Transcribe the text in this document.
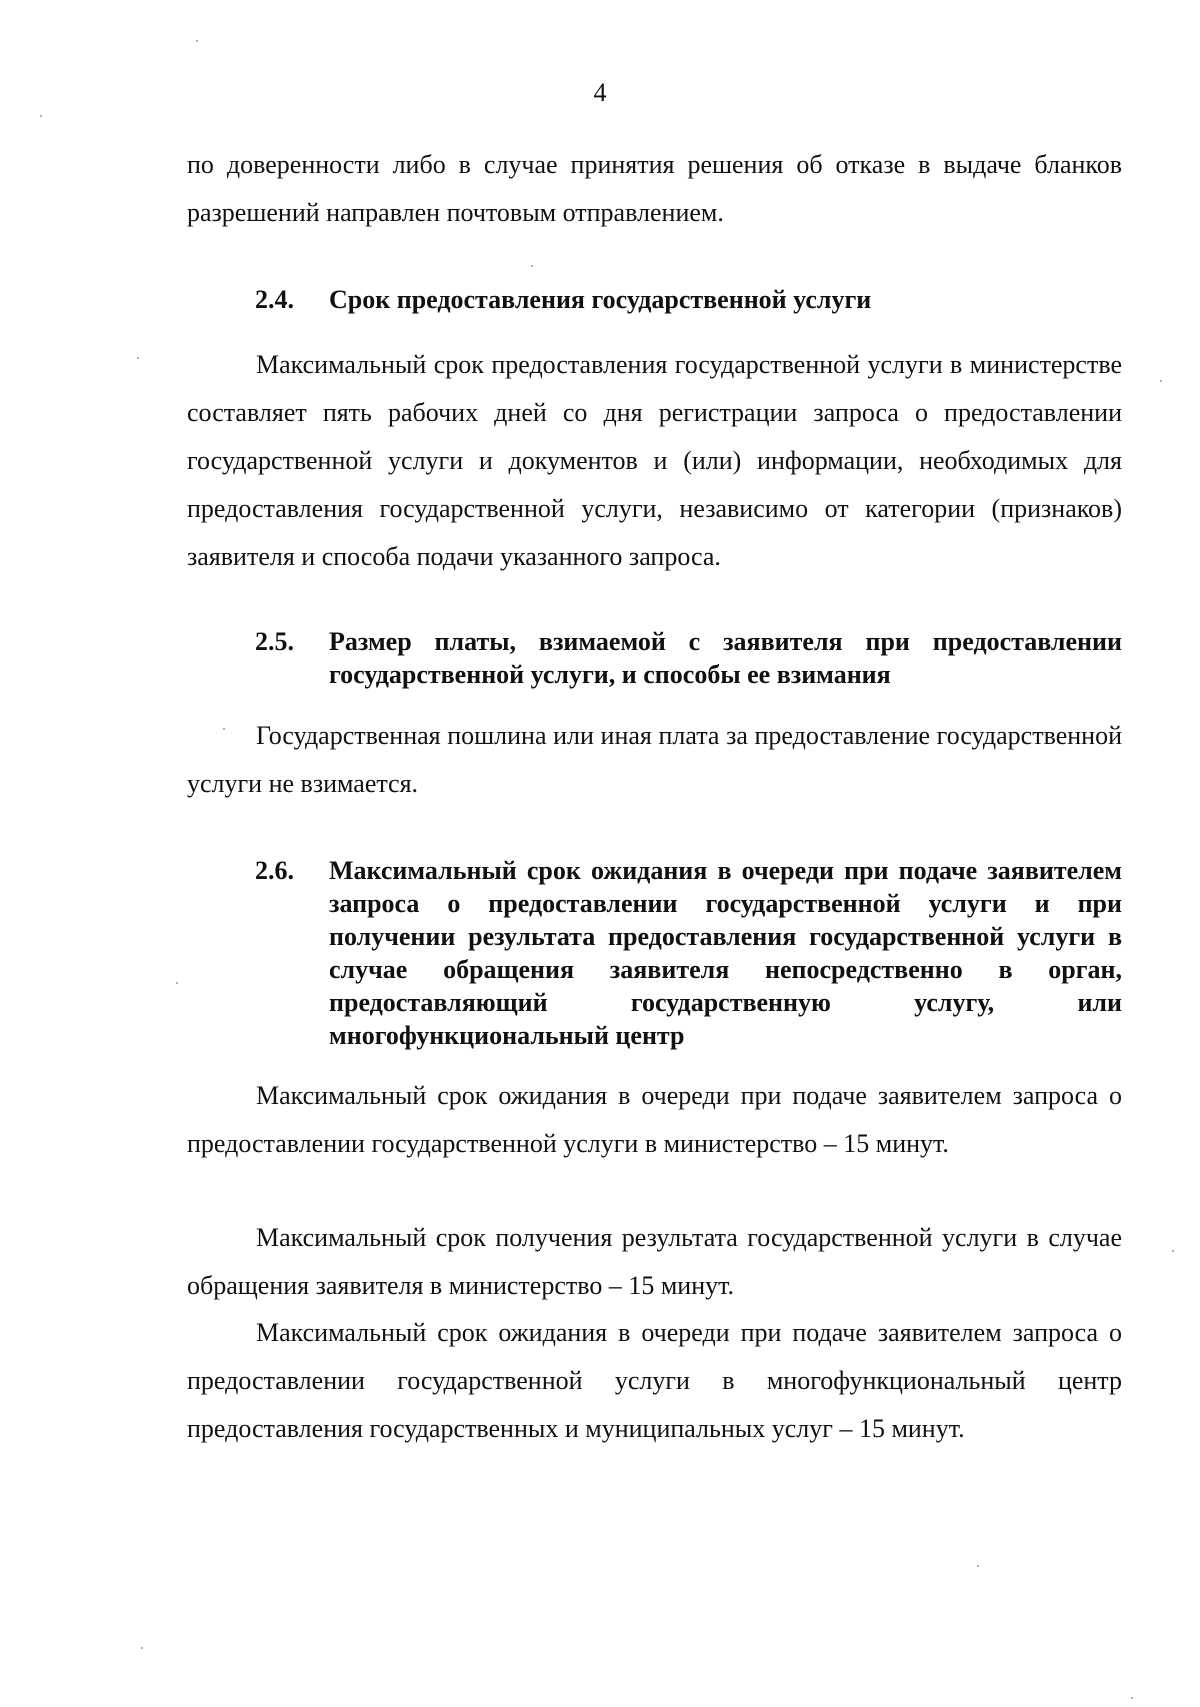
4
по доверенности либо в случае принятия решения об отказе в выдаче бланков разрешений направлен почтовым отправлением.
2.4.	Срок предоставления государственной услуги
Максимальный срок предоставления государственной услуги в министерстве составляет пять рабочих дней со дня регистрации запроса о предоставлении государственной услуги и документов и (или) информации, необходимых для предоставления государственной услуги, независимо от категории (признаков) заявителя и способа подачи указанного запроса.
2.5.	Размер платы, взимаемой с заявителя при предоставлении государственной услуги, и способы ее взимания
Государственная пошлина или иная плата за предоставление государственной услуги не взимается.
2.6.	Максимальный срок ожидания в очереди при подаче заявителем запроса о предоставлении государственной услуги и при получении результата предоставления государственной услуги в случае обращения заявителя непосредственно в орган, предоставляющий государственную услугу, или многофункциональный центр
Максимальный срок ожидания в очереди при подаче заявителем запроса о предоставлении государственной услуги в министерство – 15 минут.
Максимальный срок получения результата государственной услуги в случае обращения заявителя в министерство – 15 минут.
Максимальный срок ожидания в очереди при подаче заявителем запроса о предоставлении государственной услуги в многофункциональный центр предоставления государственных и муниципальных услуг – 15 минут.
